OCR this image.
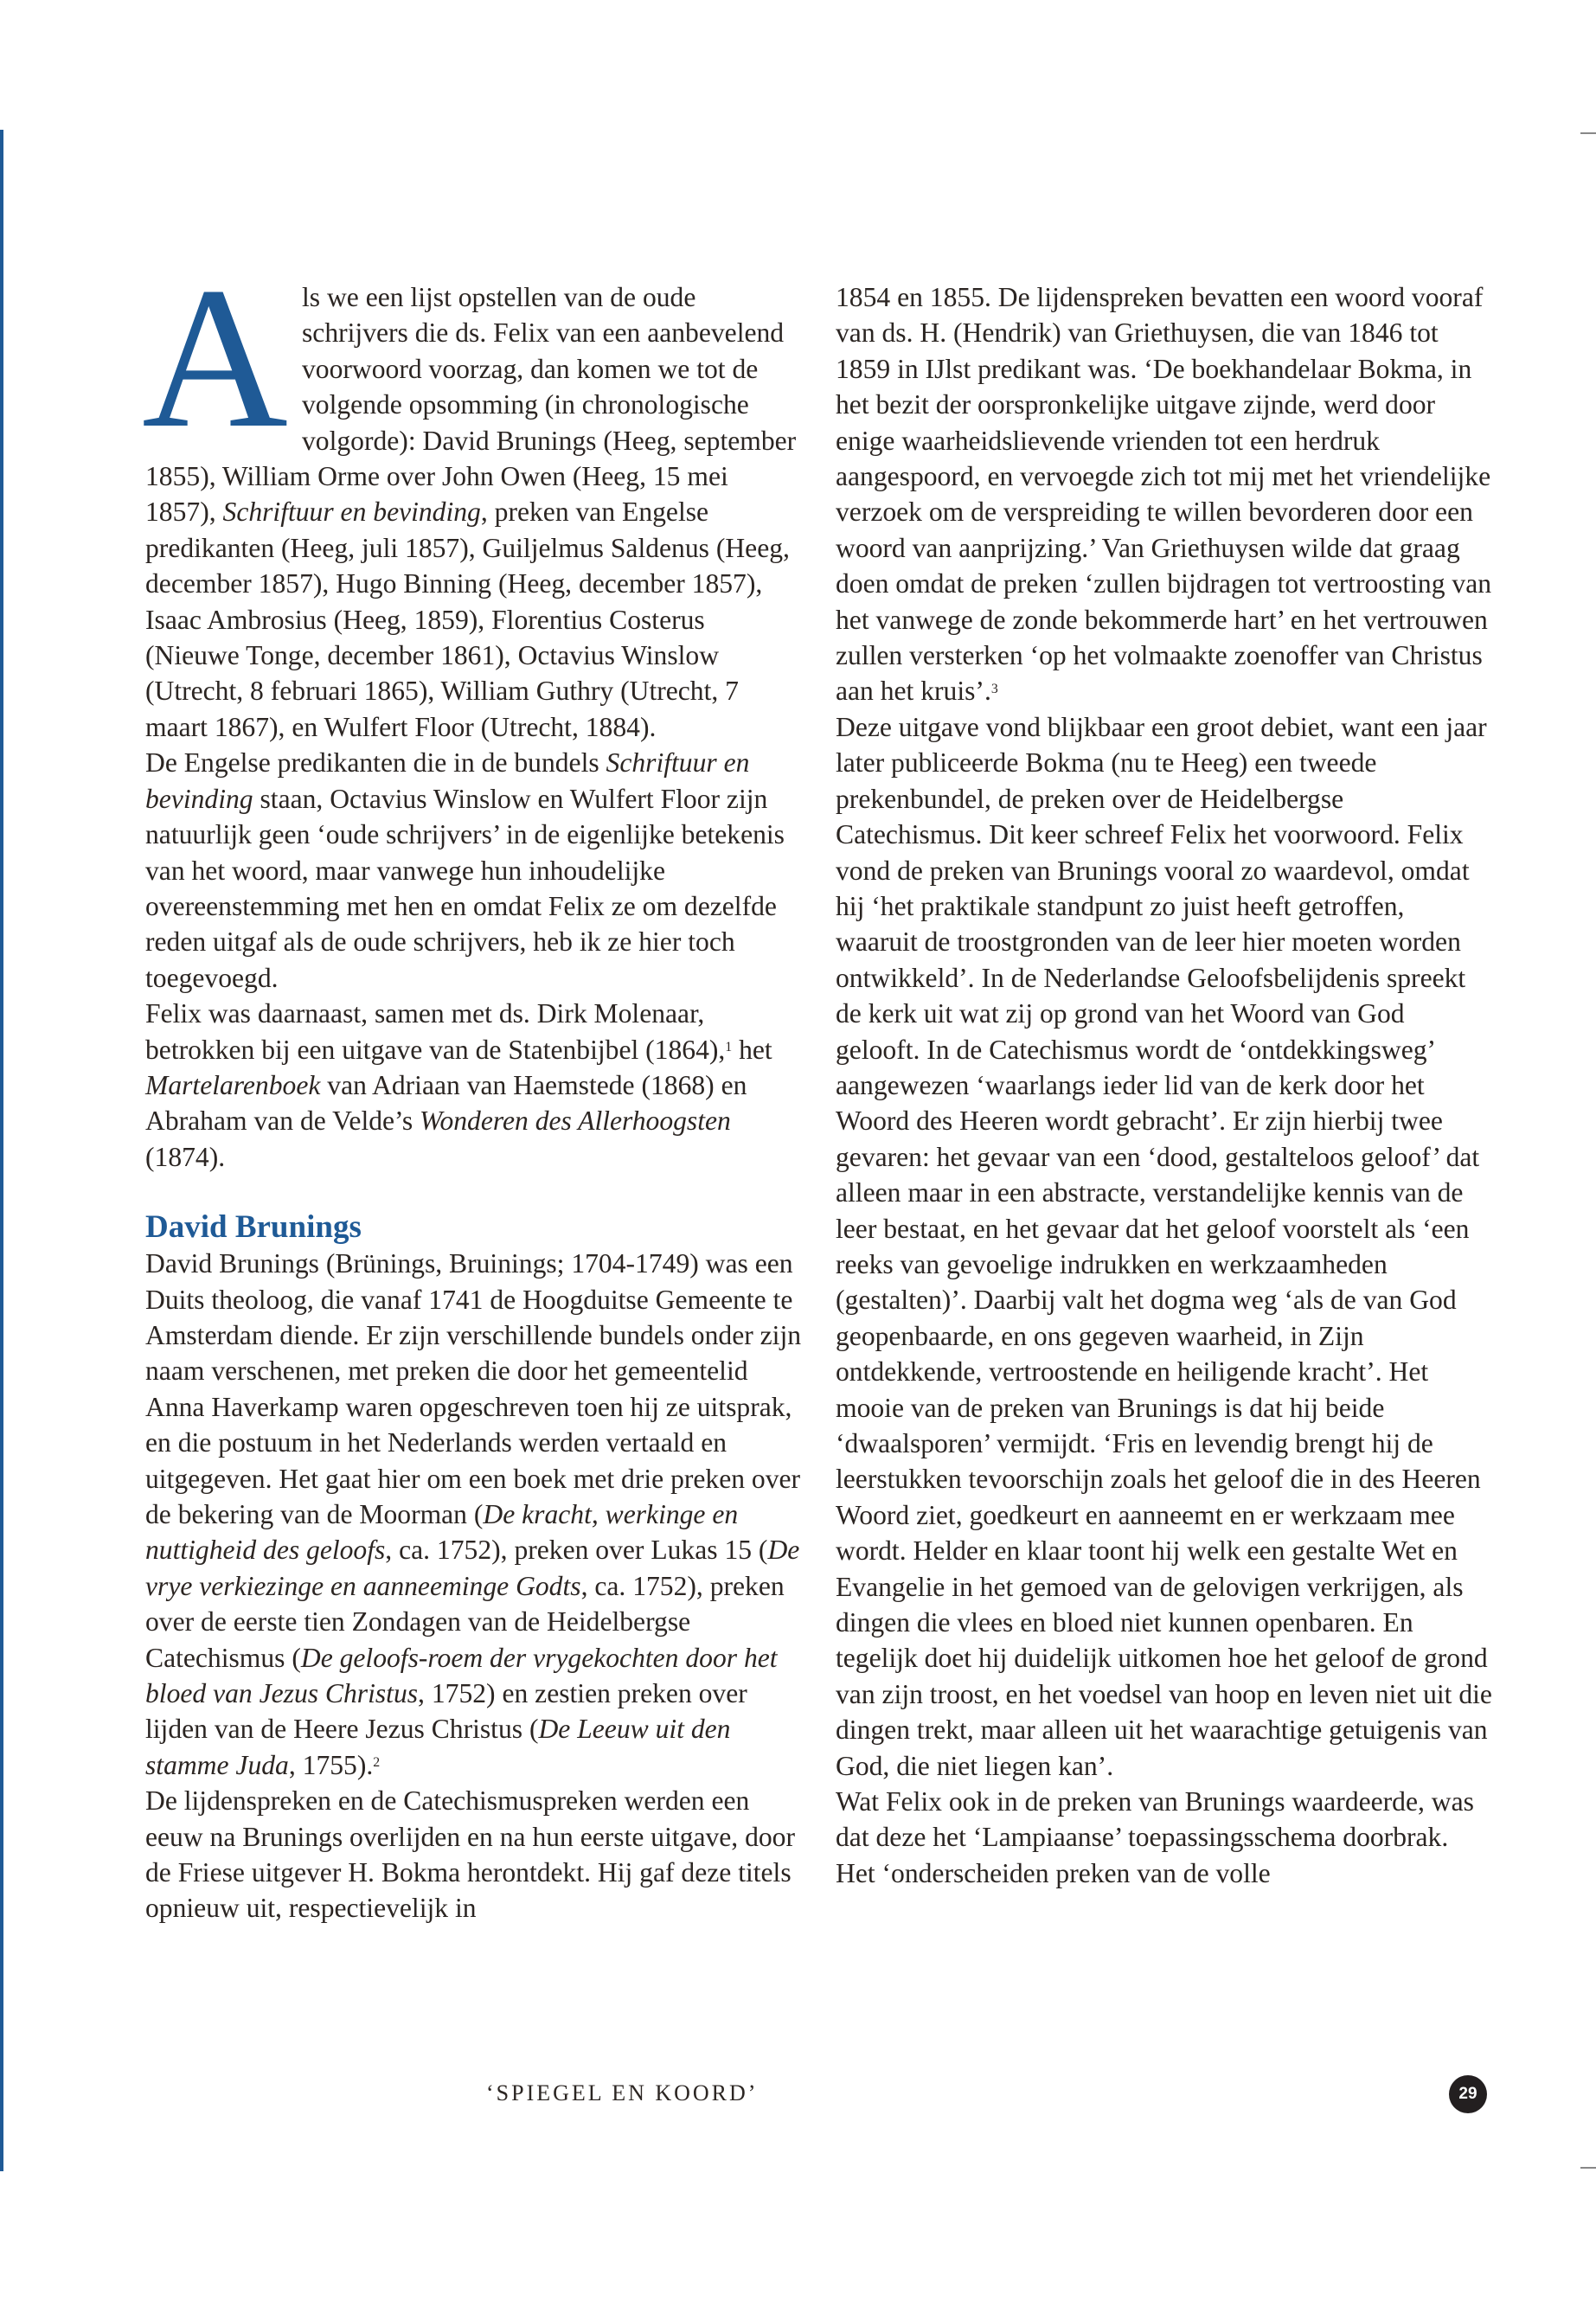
Als we een lijst opstellen van de oude schrijvers die ds. Felix van een aanbevelend voorwoord voorzag, dan komen we tot de volgende opsomming (in chronologische volgorde): David Brunings (Heeg, september 1855), William Orme over John Owen (Heeg, 15 mei 1857), Schriftuur en bevinding, preken van Engelse predikanten (Heeg, juli 1857), Guiljelmus Saldenus (Heeg, december 1857), Hugo Binning (Heeg, december 1857), Isaac Ambrosius (Heeg, 1859), Florentius Costerus (Nieuwe Tonge, december 1861), Octavius Winslow (Utrecht, 8 februari 1865), William Guthry (Utrecht, 7 maart 1867), en Wulfert Floor (Utrecht, 1884).

De Engelse predikanten die in de bundels Schriftuur en bevinding staan, Octavius Winslow en Wulfert Floor zijn natuurlijk geen ‘oude schrijvers’ in de eigenlijke betekenis van het woord, maar vanwege hun inhoudelijke overeenstemming met hen en omdat Felix ze om dezelfde reden uitgaf als de oude schrijvers, heb ik ze hier toch toegevoegd.

Felix was daarnaast, samen met ds. Dirk Molenaar, betrokken bij een uitgave van de Statenbijbel (1864),$^1$ het Martelarenboek van Adriaan van Haemstede (1868) en Abraham van de Velde’s Wonderen des Allerhoogsten (1874).

David Brunings

David Brunings (Brünings, Bruinings; 1704-1749) was een Duits theoloog, die vanaf 1741 de Hoogduitse Gemeente te Amsterdam diende. Er zijn verschillende bundels onder zijn naam verschenen, met preken die door het gemeentelid Anna Haverkamp waren opgeschreven toen hij ze uitsprak, en die postuum in het Nederlands werden vertaald en uitgegeven. Het gaat hier om een boek met drie preken over de bekering van de Moorman (De kracht, werkinge en nuttigheid des geloofs, ca. 1752), preken over Lukas 15 (De vrye verkiezinge en aanneeminge Godts, ca. 1752), preken over de eerste tien Zondagen van de Heidelbergse Catechismus (De geloofs-roem der vrygekochten door het bloed van Jezus Christus, 1752) en zestien preken over lijden van de Heere Jezus Christus (De Leeuw uit den stamme Juda, 1755).$^2$

De lijdenspreken en de Catechismuspreken werden een eeuw na Brunings overlijden en na hun eerste uitgave, door de Friese uitgever H. Bokma herontdekt. Hij gaf deze titels opnieuw uit, respectievelijk in

1854 en 1855. De lijdenspreken bevatten een woord vooraf van ds. H. (Hendrik) van Griethuysen, die van 1846 tot 1859 in IJlst predikant was. ‘De boekhandelaar Bokma, in het bezit der oorspronkelijke uitgave zijnde, werd door enige waarheidslievende vrienden tot een herdruk aangespoord, en vervoegde zich tot mij met het vriendelijke verzoek om de verspreiding te willen bevorderen door een woord van aanprijzing.’ Van Griethuysen wilde dat graag doen omdat de preken ‘zullen bijdragen tot vertroosting van het vanwege de zonde bekommerde hart’ en het vertrouwen zullen versterken ‘op het volmaakte zoenoffer van Christus aan het kruis’.$^3$

Deze uitgave vond blijkbaar een groot debiet, want een jaar later publiceerde Bokma (nu te Heeg) een tweede prekenbundel, de preken over de Heidelbergse Catechismus. Dit keer schreef Felix het voorwoord. Felix vond de preken van Brunings vooral zo waardevol, omdat hij ‘het praktikale standpunt zo juist heeft getroffen, waaruit de troostgronden van de leer hier moeten worden ontwikkeld’. In de Nederlandse Geloofsbelijdenis spreekt de kerk uit wat zij op grond van het Woord van God gelooft. In de Catechismus wordt de ‘ontdekkingsweg’ aangewezen ‘waarlangs ieder lid van de kerk door het Woord des Heeren wordt gebracht’. Er zijn hierbij twee gevaren: het gevaar van een ‘dood, gestalteloos geloof’ dat alleen maar in een abstracte, verstandelijke kennis van de leer bestaat, en het gevaar dat het geloof voorstelt als ‘een reeks van gevoelige indrukken en werkzaamheden (gestalten)’. Daarbij valt het dogma weg ‘als de van God geopenbaarde, en ons gegeven waarheid, in Zijn ontdekkende, vertroostende en heiligende kracht’. Het mooie van de preken van Brunings is dat hij beide ‘dwaalsporen’ vermijdt. ‘Fris en levendig brengt hij de leerstukken tevoorschijn zoals het geloof die in des Heeren Woord ziet, goedkeurt en aanneemt en er werkzaam mee wordt. Helder en klaar toont hij welk een gestalte Wet en Evangelie in het gemoed van de gelovigen verkrijgen, als dingen die vlees en bloed niet kunnen openbaren. En tegelijk doet hij duidelijk uitkomen hoe het geloof de grond van zijn troost, en het voedsel van hoop en leven niet uit die dingen trekt, maar alleen uit het waarachtige getuigenis van God, die niet liegen kan’.

Wat Felix ook in de preken van Brunings waardeerde, was dat deze het ‘Lampiaanse’ toepassingsschema doorbrak. Het ‘onderscheiden preken van de volle

‘SPIEGEL EN KOORD’	29
